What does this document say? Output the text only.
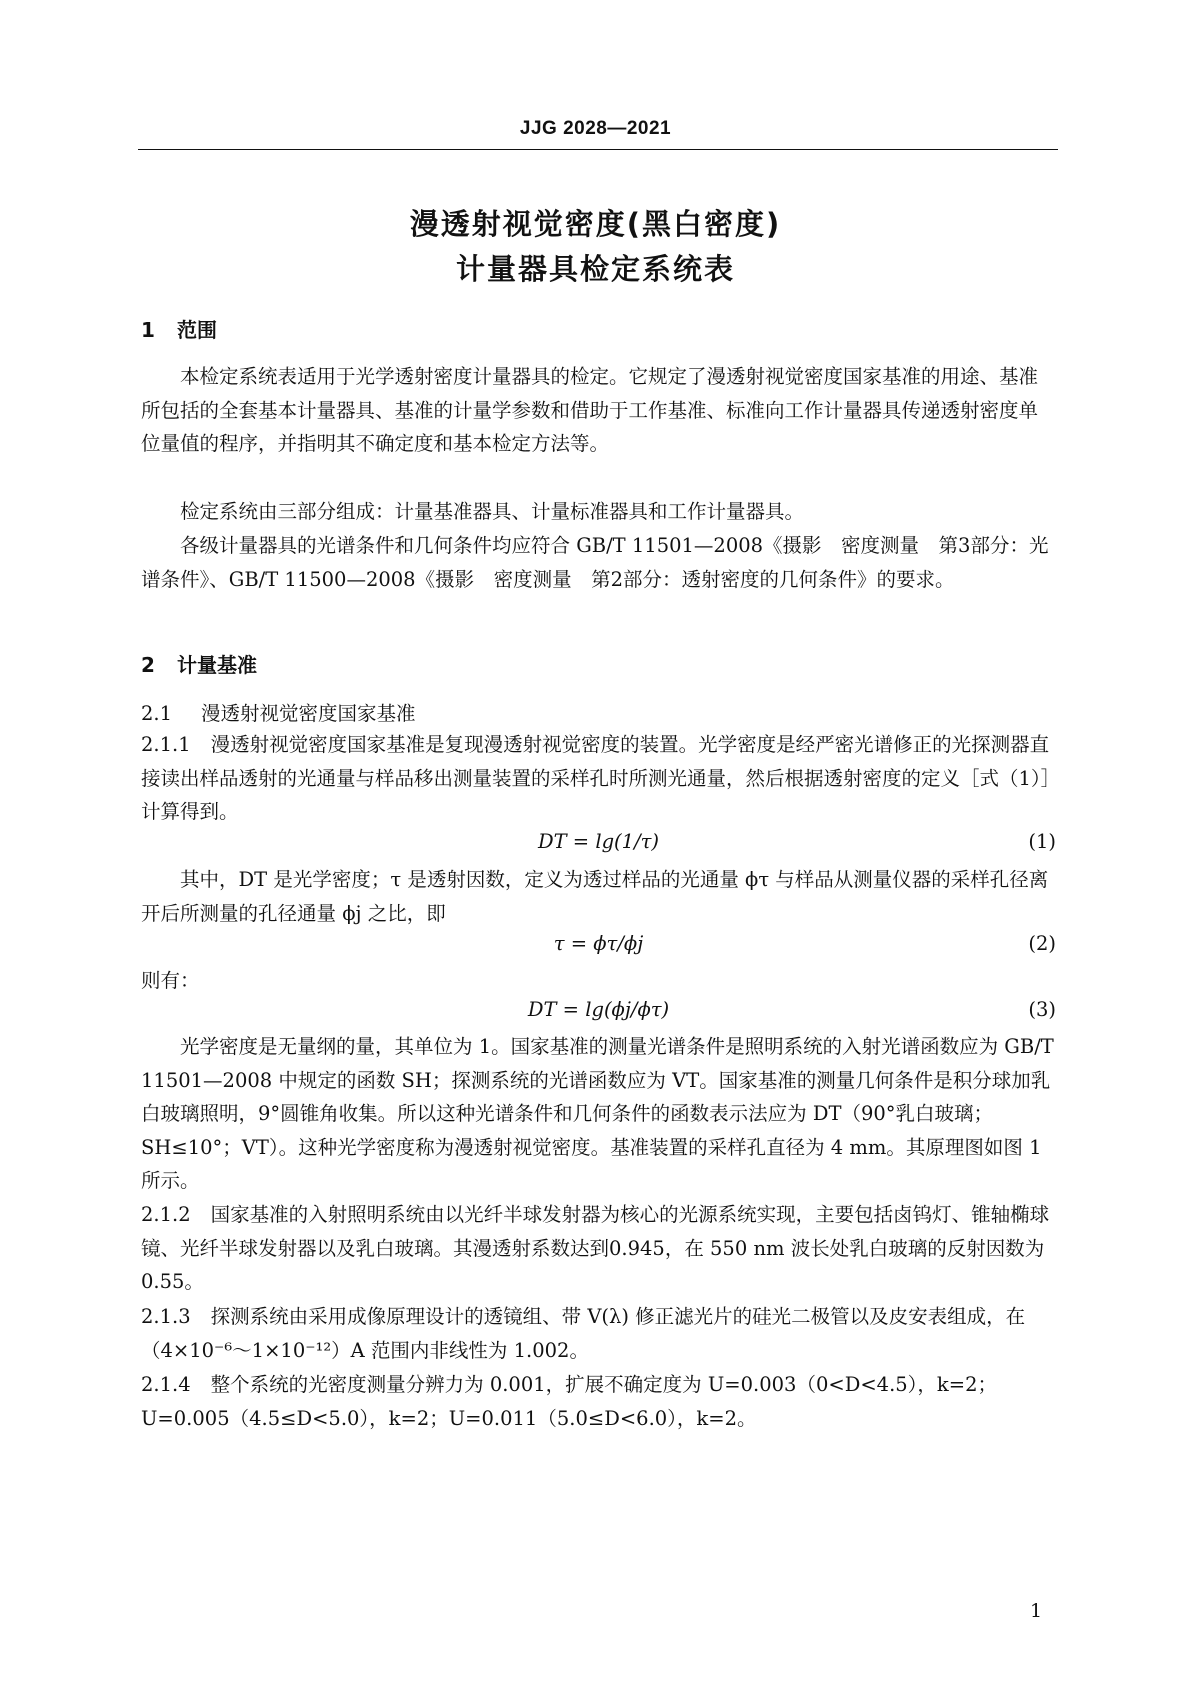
JJG 2028—2021
漫透射视觉密度(黑白密度)
计量器具检定系统表
1 范围
本检定系统表适用于光学透射密度计量器具的检定。它规定了漫透射视觉密度国家基准的用途、基准所包括的全套基本计量器具、基准的计量学参数和借助于工作基准、标准向工作计量器具传递透射密度单位量值的程序，并指明其不确定度和基本检定方法等。
检定系统由三部分组成：计量基准器具、计量标准器具和工作计量器具。
各级计量器具的光谱条件和几何条件均应符合 GB/T 11501—2008《摄影　密度测量　第3部分：光谱条件》、GB/T 11500—2008《摄影　密度测量　第2部分：透射密度的几何条件》的要求。
2 计量基准
2.1 漫透射视觉密度国家基准
2.1.1 漫透射视觉密度国家基准是复现漫透射视觉密度的装置。光学密度是经严密光谱修正的光探测器直接读出样品透射的光通量与样品移出测量装置的采样孔时所测光通量，然后根据透射密度的定义［式（1）］计算得到。
DT = lg(1/τ)	(1)
其中，DT 是光学密度；τ 是透射因数，定义为透过样品的光通量 ϕτ 与样品从测量仪器的采样孔径离开后所测量的孔径通量 ϕj 之比，即
τ = ϕτ/ϕj	(2)
则有：
DT = lg(ϕj/ϕτ)	(3)
光学密度是无量纲的量，其单位为 1。国家基准的测量光谱条件是照明系统的入射光谱函数应为 GB/T 11501—2008 中规定的函数 SH；探测系统的光谱函数应为 VT。国家基准的测量几何条件是积分球加乳白玻璃照明，9°圆锥角收集。所以这种光谱条件和几何条件的函数表示法应为 DT（90°乳白玻璃；SH≤10°；VT）。这种光学密度称为漫透射视觉密度。基准装置的采样孔直径为 4 mm。其原理图如图 1 所示。
2.1.2 国家基准的入射照明系统由以光纤半球发射器为核心的光源系统实现，主要包括卤钨灯、锥轴椭球镜、光纤半球发射器以及乳白玻璃。其漫透射系数达到0.945，在 550 nm 波长处乳白玻璃的反射因数为 0.55。
2.1.3 探测系统由采用成像原理设计的透镜组、带 V(λ) 修正滤光片的硅光二极管以及皮安表组成，在（4×10⁻⁶～1×10⁻¹²）A 范围内非线性为 1.002。
2.1.4 整个系统的光密度测量分辨力为 0.001，扩展不确定度为 U=0.003（0<D<4.5），k=2；U=0.005（4.5≤D<5.0），k=2；U=0.011（5.0≤D<6.0），k=2。
1
